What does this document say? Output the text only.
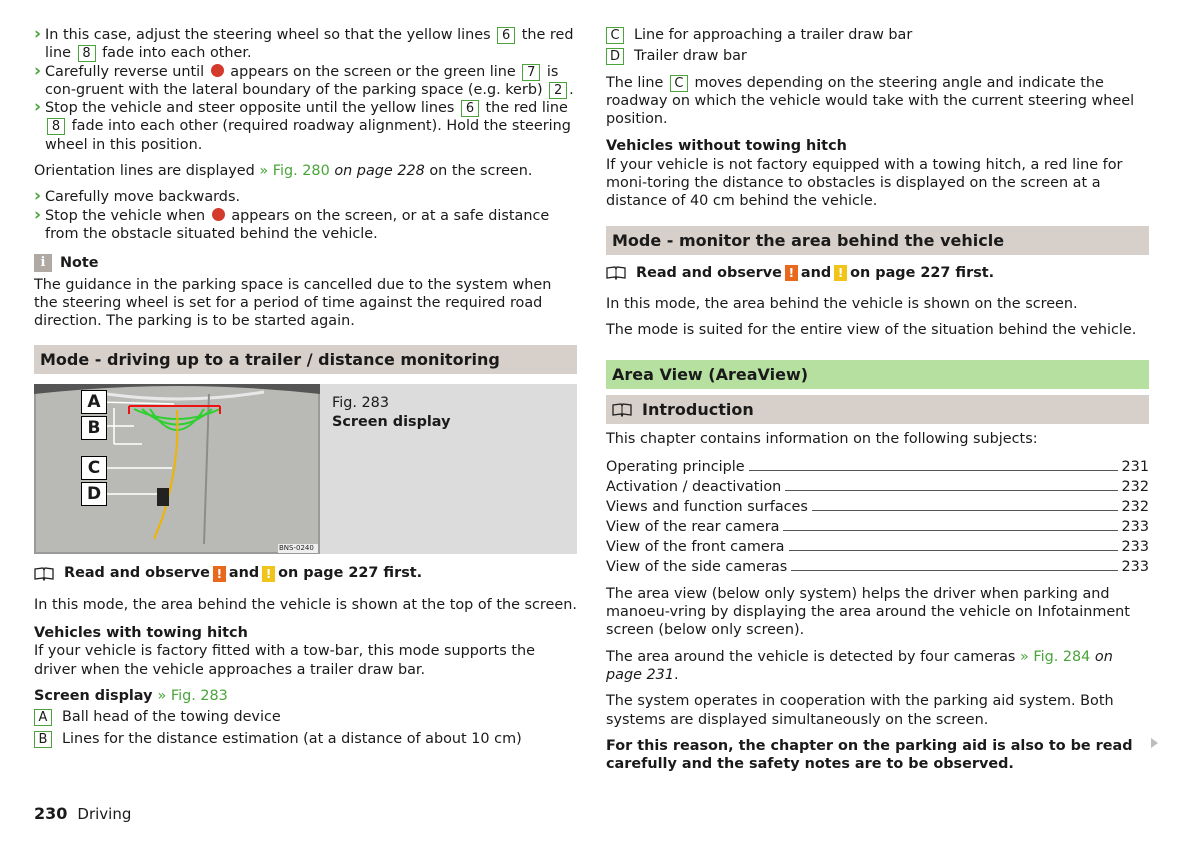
› In this case, adjust the steering wheel so that the yellow lines 6 the red line 8 fade into each other.

› Carefully reverse until  appears on the screen or the green line 7 is con-gruent with the lateral boundary of the parking space (e.g. kerb) 2 .

› Stop the vehicle and steer opposite until the yellow lines 6 the red line 8 fade into each other (required roadway alignment). Hold the steering wheel in this position.

Orientation lines are displayed » Fig. 280 on page 228 on the screen.

› Carefully move backwards.

› Stop the vehicle when  appears on the screen, or at a safe distance from the obstacle situated behind the vehicle.

i	Note

The guidance in the parking space is cancelled due to the system when the steering wheel is set for a period of time against the required road direction. The parking is to be started again.

Mode - driving up to a trailer / distance monitoring
A
B
C
D
BNS-0240
Fig. 283
Screen display
Read and observe ! and ! on page 227 first.

In this mode, the area behind the vehicle is shown at the top of the screen.

Vehicles with towing hitch

If your vehicle is factory fitted with a tow-bar, this mode supports the driver when the vehicle approaches a trailer draw bar.

Screen display » Fig. 283

A	Ball head of the towing device
B	Lines for the distance estimation (at a distance of about 10 cm)
C	Line for approaching a trailer draw bar
D Trailer draw bar

The line C moves depending on the steering angle and indicate the roadway on which the vehicle would take with the current steering wheel position.

Vehicles without towing hitch

If your vehicle is not factory equipped with a towing hitch, a red line for moni-toring the distance to obstacles is displayed on the screen at a distance of 40 cm behind the vehicle.

Mode - monitor the area behind the vehicle
Read and observe ! and ! on page 227 first.

In this mode, the area behind the vehicle is shown on the screen.

The mode is suited for the entire view of the situation behind the vehicle.

Area View (AreaView)
Introduction

This chapter contains information on the following subjects:

Operating principle	231
Activation / deactivation	232
Views and function surfaces	232
View of the rear camera	233
View of the front camera	233
View of the side cameras	233

The area view (below only system) helps the driver when parking and manoeu-vring by displaying the area around the vehicle on Infotainment screen (below only screen).

The area around the vehicle is detected by four cameras » Fig. 284 on page 231.

The system operates in cooperation with the parking aid system. Both systems are displayed simultaneously on the screen.

For this reason, the chapter on the parking aid is also to be read carefully and the safety notes are to be observed.

230 Driving
